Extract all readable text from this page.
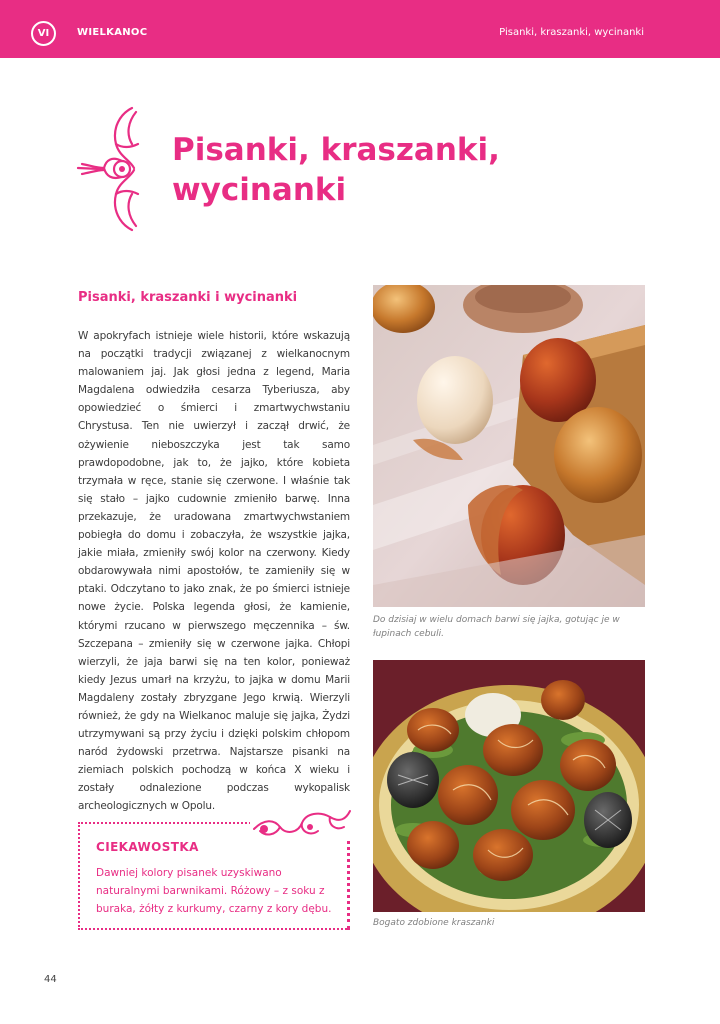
VI	WIELKANOC	Pisanki, kraszanki, wycinanki
Pisanki, kraszanki, wycinanki
Pisanki, kraszanki i wycinanki

W apokryfach istnieje wiele historii, które wskazują na początki tradycji związanej z wielkanocnym malowaniem jaj. Jak głosi jedna z legend, Maria Magdalena odwiedziła cesarza Tyberiusza, aby opowiedzieć o śmierci i zmartwychwstaniu Chrystusa. Ten nie uwierzył i zaczął drwić, że ożywienie nieboszczyka jest tak samo prawdopodobne, jak to, że jajko, które kobieta trzymała w ręce, stanie się czerwone. I właśnie tak się stało – jajko cudownie zmieniło barwę. Inna przekazuje, że uradowana zmartwychwstaniem pobiegła do domu i zobaczyła, że wszystkie jajka, jakie miała, zmieniły swój kolor na czerwony. Kiedy obdarowywała nimi apostołów, te zamieniły się w ptaki. Odczytano to jako znak, że po śmierci istnieje nowe życie. Polska legenda głosi, że kamienie, którymi rzucano w pierwszego męczennika – św. Szczepana – zmieniły się w czerwone jajka. Chłopi wierzyli, że jaja barwi się na ten kolor, ponieważ kiedy Jezus umarł na krzyżu, to jajka w domu Marii Magdaleny zostały zbryzgane Jego krwią. Wierzyli również, że gdy na Wielkanoc maluje się jajka, Żydzi utrzymywani są przy życiu i dzięki polskim chłopom naród żydowski przetrwa. Najstarsze pisanki na ziemiach polskich pochodzą w końca X wieku i zostały odnalezione podczas wykopalisk archeologicznych w Opolu.

CIEKAWOSTKA
Dawniej kolory pisanek uzyskiwano naturalnymi barwnikami. Różowy – z soku z buraka, żółty z kurkumy, czarny z kory dębu.
Do dzisiaj w wielu domach barwi się jajka, gotując je w łupinach cebuli.
Bogato zdobione kraszanki
44
